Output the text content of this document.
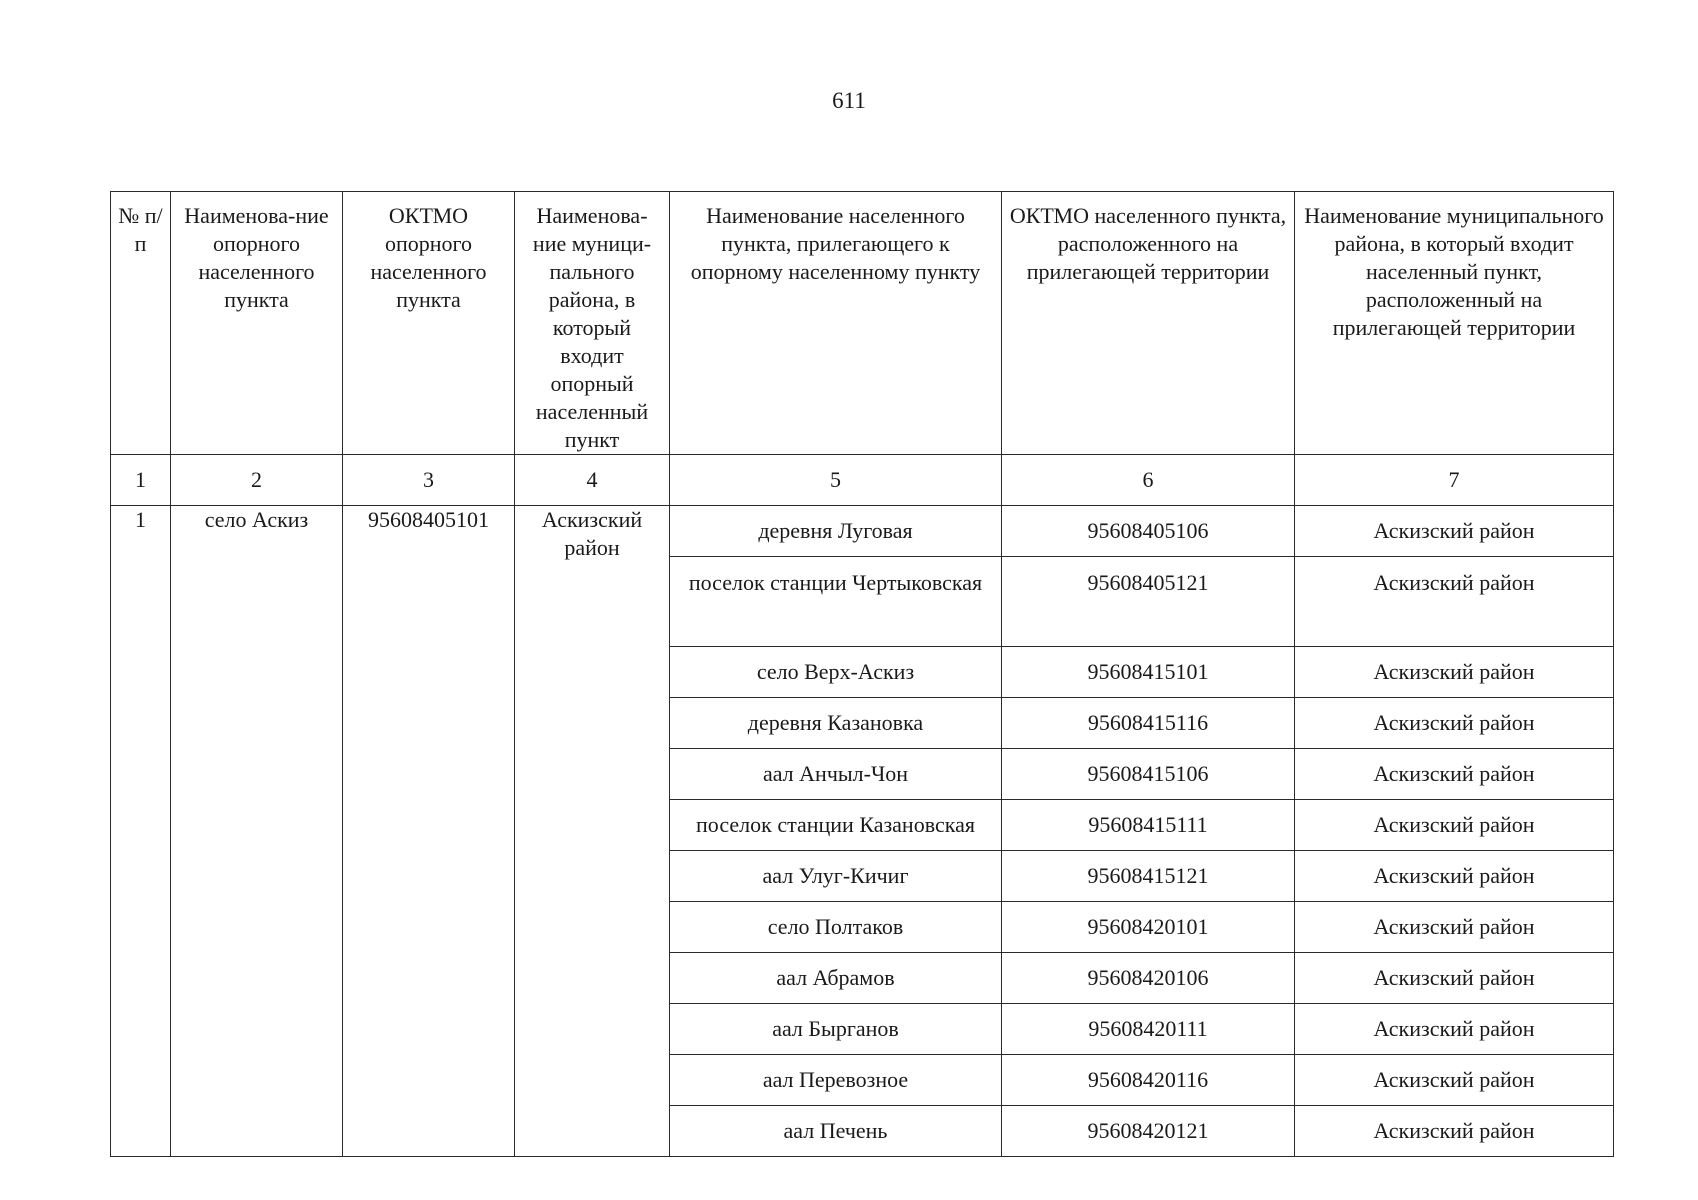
611
№ п/п	Наименова-ние опорного населенного пункта	ОКТМО опорного населенного пункта	Наименова-ние муници-пального района, в который входит опорный населенный пункт	Наименование населенного пункта, прилегающего к опорному населенному пункту	ОКТМО населенного пункта, расположенного на прилегающей территории	Наименование муниципального района, в который входит населенный пункт, расположенный на прилегающей территории
1	2	3	4	5	6	7
1	село Аскиз	95608405101	Аскизский район	деревня Луговая	95608405106	Аскизский район
				поселок станции Чертыковская	95608405121	Аскизский район
				село Верх-Аскиз	95608415101	Аскизский район
				деревня Казановка	95608415116	Аскизский район
				аал Анчыл-Чон	95608415106	Аскизский район
				поселок станции Казановская	95608415111	Аскизский район
				аал Улуг-Кичиг	95608415121	Аскизский район
				село Полтаков	95608420101	Аскизский район
				аал Абрамов	95608420106	Аскизский район
				аал Быргaнов	95608420111	Аскизский район
				аал Перевозное	95608420116	Аскизский район
				аал Печень	95608420121	Аскизский район
